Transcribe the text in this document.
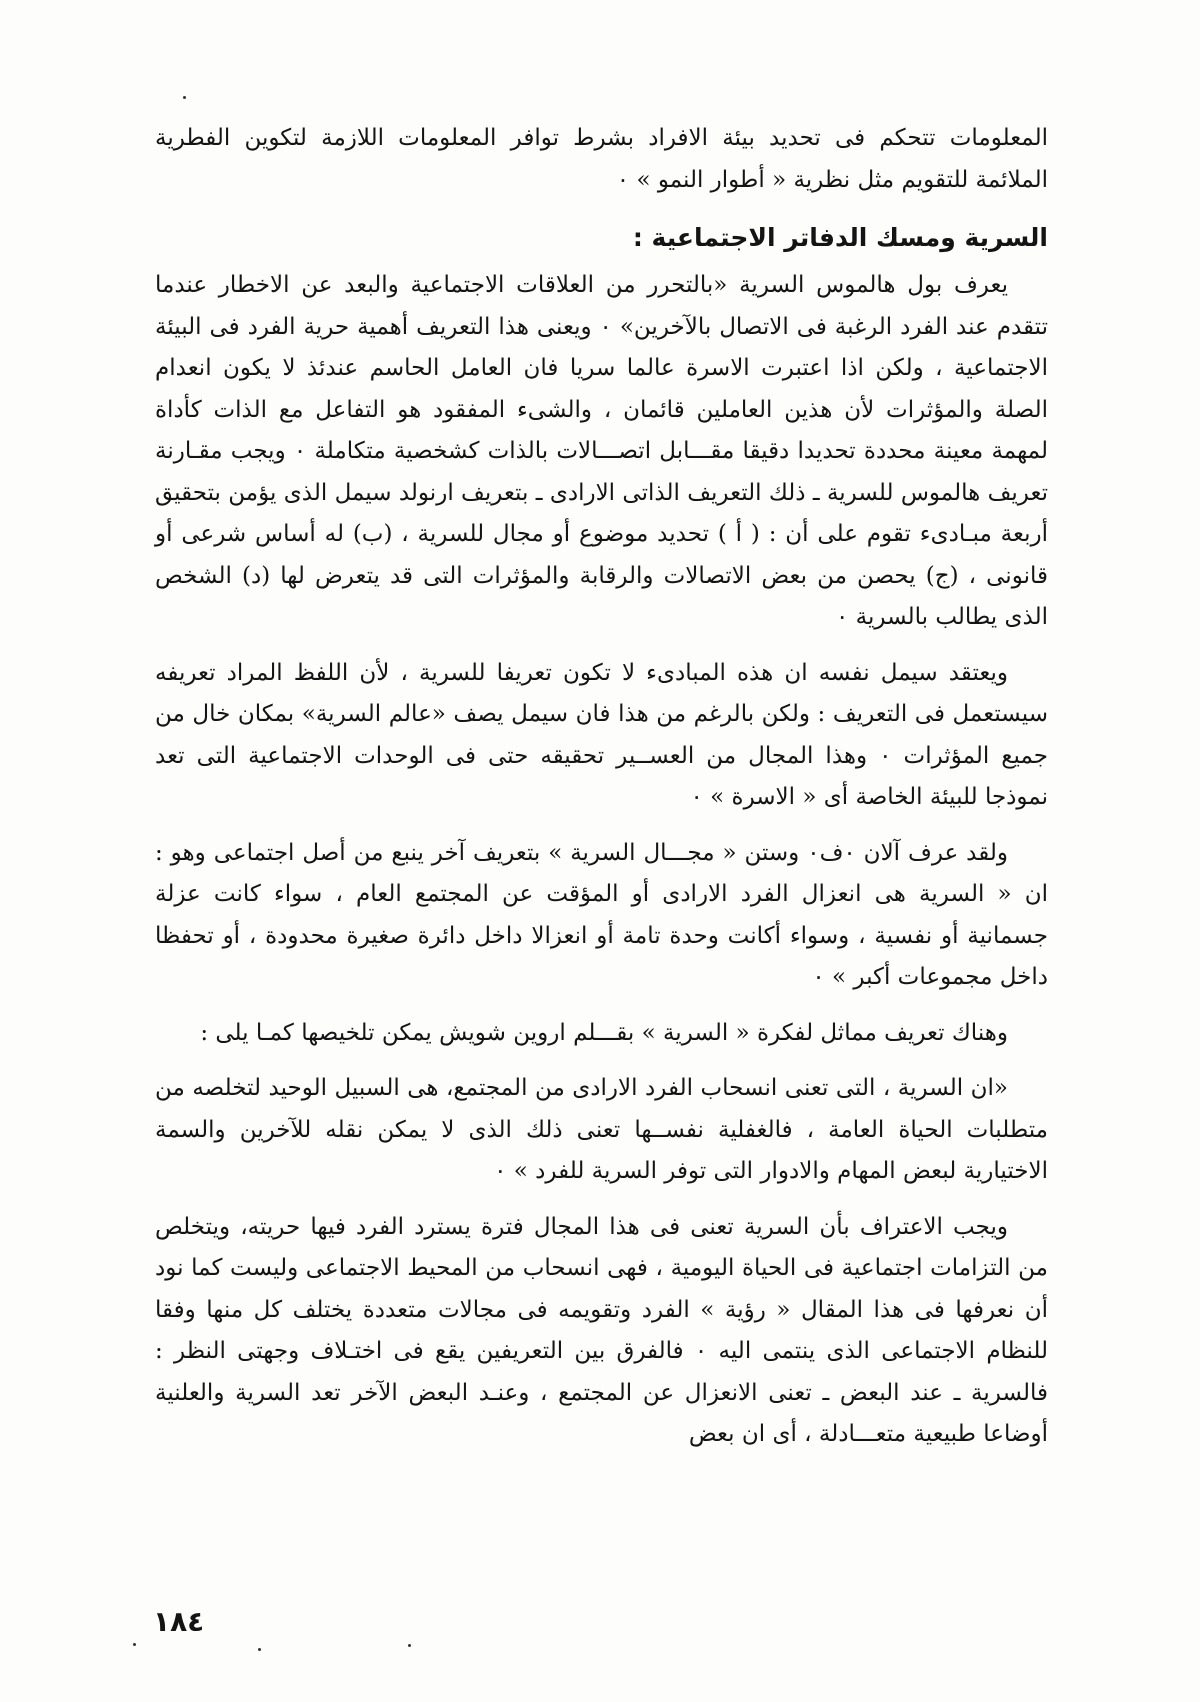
المعلومات تتحكم فى تحديد بيئة الافراد بشرط توافر المعلومات اللازمة لتكوين الفطرية الملائمة للتقويم مثل نظرية « أطوار النمو » ٠

السرية ومسك الدفاتر الاجتماعية :

يعرف بول هالموس السرية «بالتحرر من العلاقات الاجتماعية والبعد عن الاخطار عندما تتقدم عند الفرد الرغبة فى الاتصال بالآخرين» ٠ ويعنى هذا التعريف أهمية حرية الفرد فى البيئة الاجتماعية ، ولكن اذا اعتبرت الاسرة عالما سريا فان العامل الحاسم عندئذ لا يكون انعدام الصلة والمؤثرات لأن هذين العاملين قائمان ، والشىء المفقود هو التفاعل مع الذات كأداة لمهمة معينة محددة تحديدا دقيقا مقـــابل اتصـــالات بالذات كشخصية متكاملة ٠ ويجب مقـارنة تعريف هالموس للسرية ـ ذلك التعريف الذاتى الارادى ـ بتعريف ارنولد سيمل الذى يؤمن بتحقيق أربعة مبـادىء تقوم على أن : ( أ ) تحديد موضوع أو مجال للسرية ، (ب) له أساس شرعى أو قانونى ، (ج) يحصن من بعض الاتصالات والرقابة والمؤثرات التى قد يتعرض لها (د) الشخص الذى يطالب بالسرية ٠

ويعتقد سيمل نفسه ان هذه المبادىء لا تكون تعريفا للسرية ، لأن اللفظ المراد تعريفه سيستعمل فى التعريف : ولكن بالرغم من هذا فان سيمل يصف «عالم السرية» بمكان خال من جميع المؤثرات ٠ وهذا المجال من العســير تحقيقه حتى فى الوحدات الاجتماعية التى تعد نموذجا للبيئة الخاصة أى « الاسرة » ٠

ولقد عرف آلان ٠ف٠ وستن « مجـــال السرية » بتعريف آخر ينبع من أصل اجتماعى وهو : ان « السرية هى انعزال الفرد الارادى أو المؤقت عن المجتمع العام ، سواء كانت عزلة جسمانية أو نفسية ، وسواء أكانت وحدة تامة أو انعزالا داخل دائرة صغيرة محدودة ، أو تحفظا داخل مجموعات أكبر » ٠

وهناك تعريف مماثل لفكرة « السرية » بقـــلم اروين شويش يمكن تلخيصها كمـا يلى :

«ان السرية ، التى تعنى انسحاب الفرد الارادى من المجتمع، هى السبيل الوحيد لتخلصه من متطلبات الحياة العامة ، فالغفلية نفســها تعنى ذلك الذى لا يمكن نقله للآخرين والسمة الاختيارية لبعض المهام والادوار التى توفر السرية للفرد » ٠

ويجب الاعتراف بأن السرية تعنى فى هذا المجال فترة يسترد الفرد فيها حريته، ويتخلص من التزامات اجتماعية فى الحياة اليومية ، فهى انسحاب من المحيط الاجتماعى وليست كما نود أن نعرفها فى هذا المقال « رؤية » الفرد وتقويمه فى مجالات متعددة يختلف كل منها وفقا للنظام الاجتماعى الذى ينتمى اليه ٠ فالفرق بين التعريفين يقع فى اختـلاف وجهتى النظر : فالسرية ـ عند البعض ـ تعنى الانعزال عن المجتمع ، وعنـد البعض الآخر تعد السرية والعلنية أوضاعا طبيعية متعـــادلة ، أى ان بعض

١٨٤
